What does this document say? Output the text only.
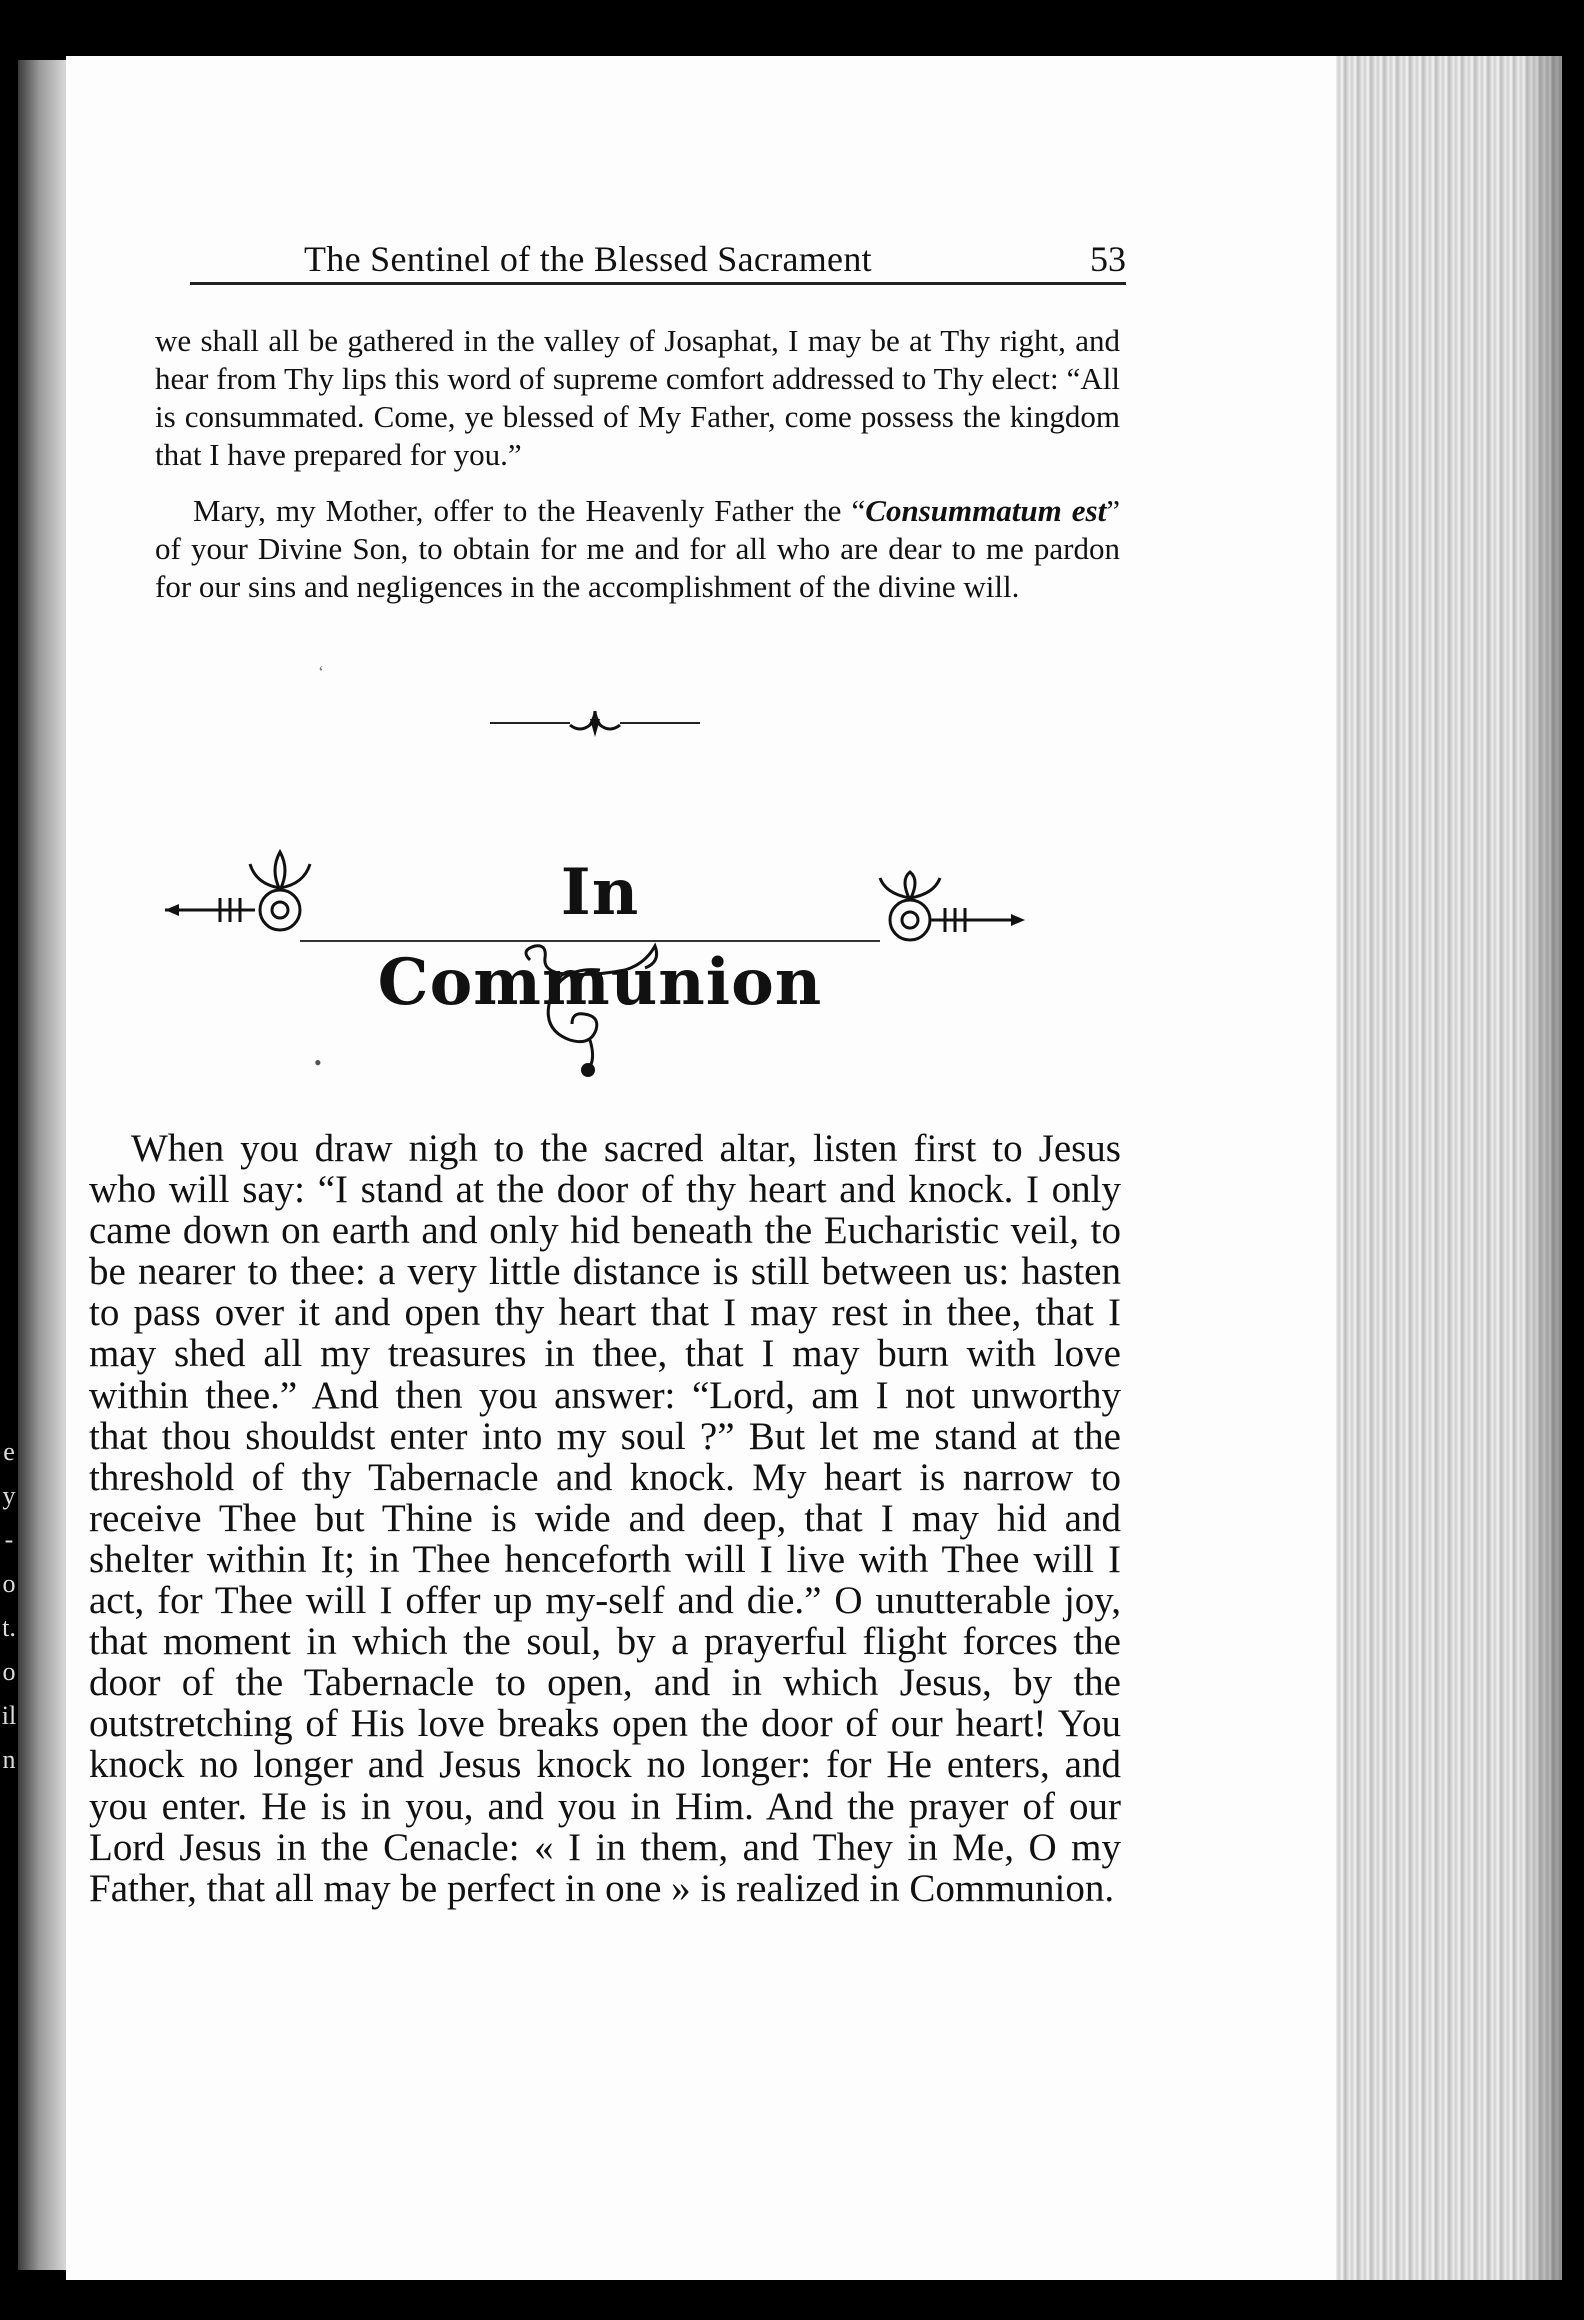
e
y
-
o
t.
o
il
n
The Sentinel of the Blessed Sacrament	53

we shall all be gathered in the valley of Josaphat, I may be at Thy right, and hear from Thy lips this word of supreme comfort addressed to Thy elect: “All is consummated. Come, ye blessed of My Father, come possess the kingdom that I have prepared for you.”

Mary, my Mother, offer to the Heavenly Father the “Consummatum est” of your Divine Son, to obtain for me and for all who are dear to me pardon for our sins and negligences in the accomplishment of the divine will.

‘
In Communion
•

When you draw nigh to the sacred altar, listen first to Jesus who will say: “I stand at the door of thy heart and knock. I only came down on earth and only hid beneath the Eucharistic veil, to be nearer to thee: a very little distance is still between us: hasten to pass over it and open thy heart that I may rest in thee, that I may shed all my treasures in thee, that I may burn with love within thee.” And then you answer: “Lord, am I not unworthy that thou shouldst enter into my soul ?” But let me stand at the threshold of thy Tabernacle and knock. My heart is narrow to receive Thee but Thine is wide and deep, that I may hid and shelter within It; in Thee henceforth will I live with Thee will I act, for Thee will I offer up my-self and die.” O unutterable joy, that moment in which the soul, by a prayerful flight forces the door of the Tabernacle to open, and in which Jesus, by the outstretching of His love breaks open the door of our heart! You knock no longer and Jesus knock no longer: for He enters, and you enter. He is in you, and you in Him. And the prayer of our Lord Jesus in the Cenacle: « I in them, and They in Me, O my Father, that all may be perfect in one » is realized in Communion.
